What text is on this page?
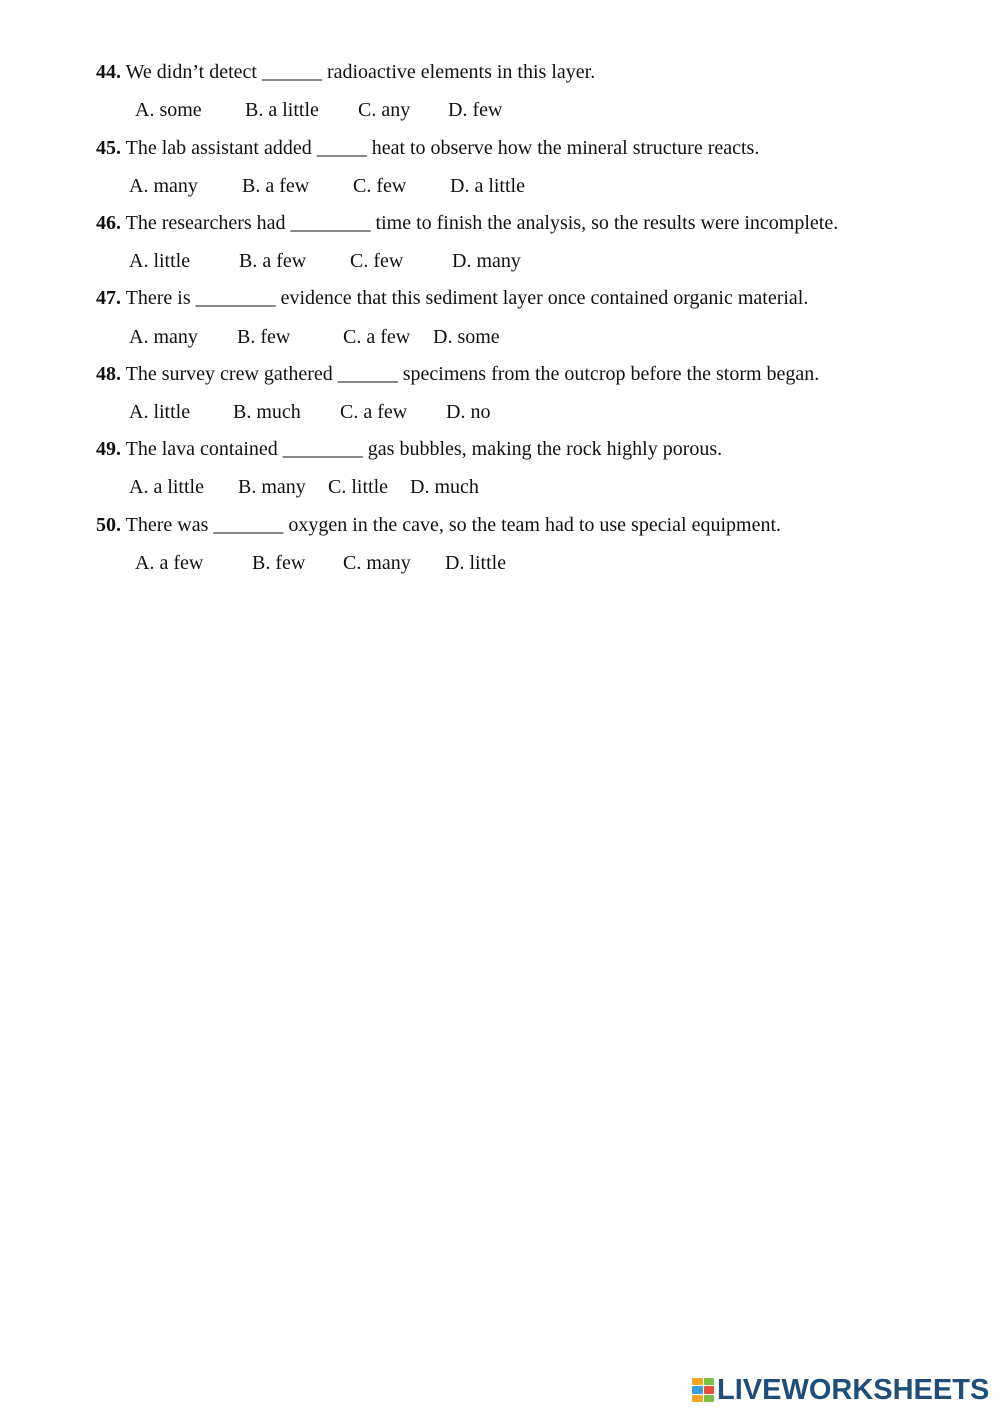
44. We didn’t detect ______ radioactive elements in this layer.
A. some B. a little C. any D. few
45. The lab assistant added _____ heat to observe how the mineral structure reacts.
A. many B. a few C. few D. a little
46. The researchers had ________ time to finish the analysis, so the results were incomplete.
A. little B. a few C. few D. many
47. There is ________ evidence that this sediment layer once contained organic material.
A. many B. few	C. a few D. some
48. The survey crew gathered ______ specimens from the outcrop before the storm began.
A. little B. much C. a few D. no
49. The lava contained ________ gas bubbles, making the rock highly porous.
A. a little B. many C. little D. much
50. There was _______ oxygen in the cave, so the team had to use special equipment.
A. a few B. few C. many D. little
LIVEWORKSHEETS
